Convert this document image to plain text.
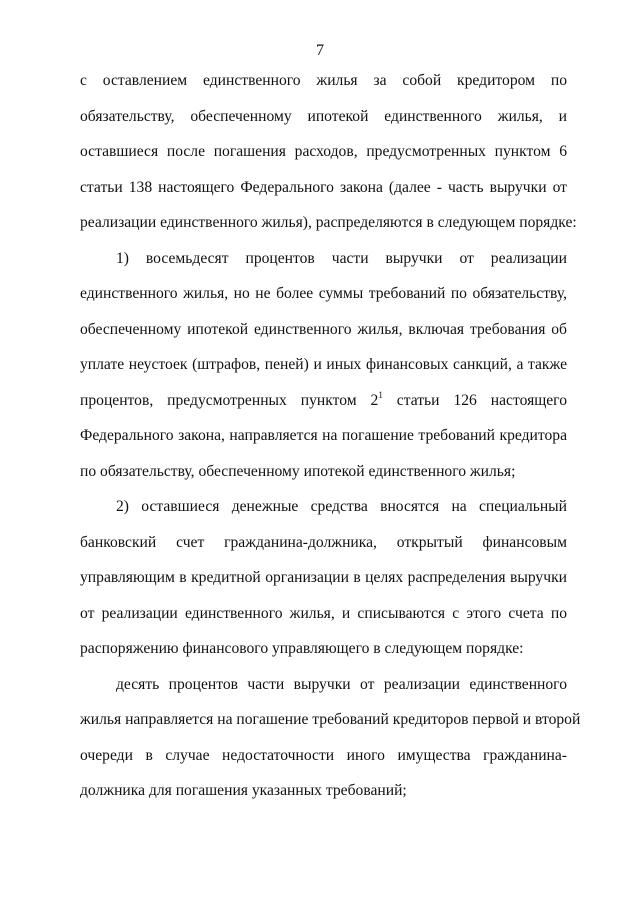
7
с оставлением единственного жилья за собой кредитором по
обязательству, обеспеченному ипотекой единственного жилья, и
оставшиеся после погашения расходов, предусмотренных пунктом 6
статьи 138 настоящего Федерального закона (далее - часть выручки от
реализации единственного жилья), распределяются в следующем порядке:
1) восемьдесят процентов части выручки от реализации
единственного жилья, но не более суммы требований по обязательству,
обеспеченному ипотекой единственного жилья, включая требования об
уплате неустоек (штрафов, пеней) и иных финансовых санкций, а также
процентов, предусмотренных пунктом $2^1$ статьи 126 настоящего
Федерального закона, направляется на погашение требований кредитора
по обязательству, обеспеченному ипотекой единственного жилья;
2) оставшиеся денежные средства вносятся на специальный
банковский счет гражданина-должника, открытый финансовым
управляющим в кредитной организации в целях распределения выручки
от реализации единственного жилья, и списываются с этого счета по
распоряжению финансового управляющего в следующем порядке:
десять процентов части выручки от реализации единственного
жилья направляется на погашение требований кредиторов первой и второй
очереди в случае недостаточности иного имущества гражданина-
должника для погашения указанных требований;
